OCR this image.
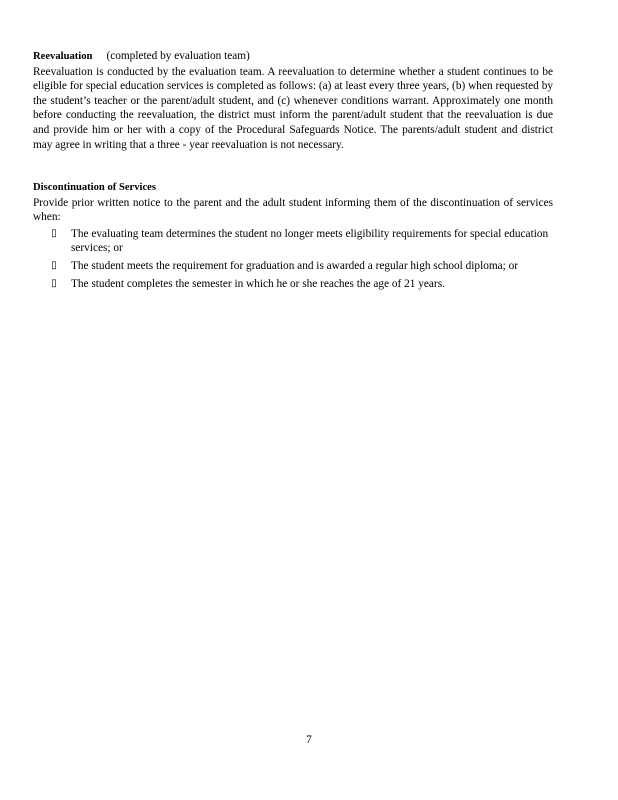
Reevaluation (completed by evaluation team)

Reevaluation is conducted by the evaluation team. A reevaluation to determine whether a student continues to be eligible for special education services is completed as follows: (a) at least every three years, (b) when requested by the student’s teacher or the parent/adult student, and (c) whenever conditions warrant. Approximately one month before conducting the reevaluation, the district must inform the parent/adult student that the reevaluation is due and provide him or her with a copy of the Procedural Safeguards Notice. The parents/adult student and district may agree in writing that a three - year reevaluation is not necessary.

Discontinuation of Services

Provide prior written notice to the parent and the adult student informing them of the discontinuation of services when:

▯ The evaluating team determines the student no longer meets eligibility requirements for special education services; or
▯ The student meets the requirement for graduation and is awarded a regular high school diploma; or
▯ The student completes the semester in which he or she reaches the age of 21 years.
7
